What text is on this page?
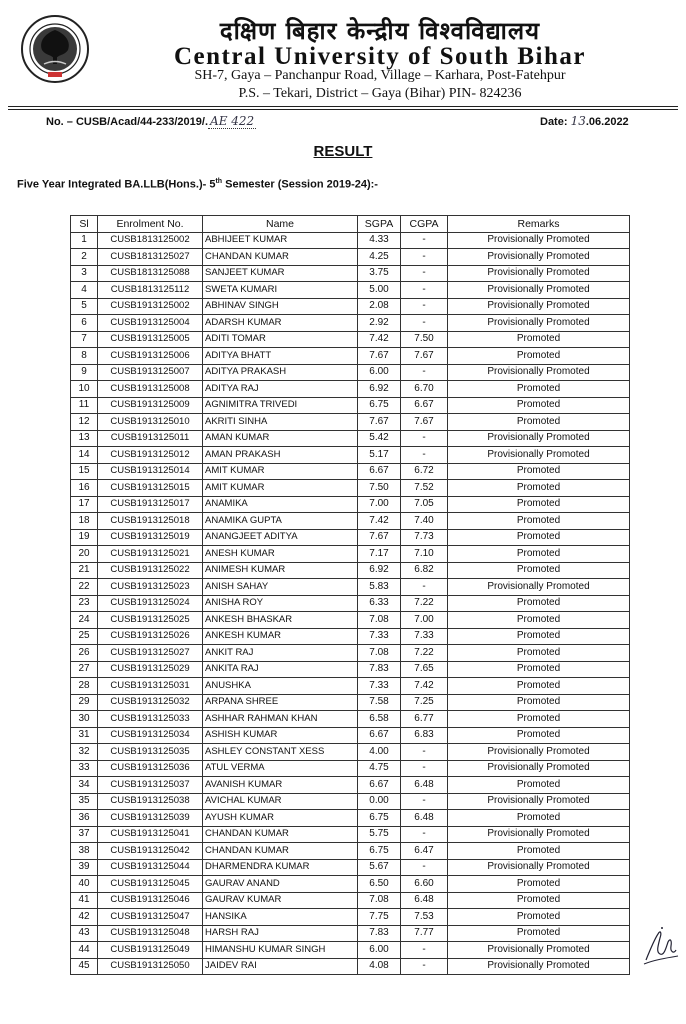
दक्षिण बिहार केन्द्रीय विश्वविद्यालय
Central University of South Bihar
SH-7, Gaya – Panchanpur Road, Village – Karhara, Post-Fatehpur
P.S. – Tekari, District – Gaya (Bihar) PIN- 824236
No. – CUSB/Acad/44-233/2019/. AE 422	Date: 13.06.2022
RESULT
Five Year Integrated BA.LLB(Hons.)- 5th Semester (Session 2019-24):-
Sl	Enrolment No.	Name	SGPA	CGPA	Remarks
1	CUSB1813125002	ABHIJEET KUMAR	4.33	-	Provisionally Promoted
2	CUSB1813125027	CHANDAN KUMAR	4.25	-	Provisionally Promoted
3	CUSB1813125088	SANJEET KUMAR	3.75	-	Provisionally Promoted
4	CUSB1813125112	SWETA KUMARI	5.00	-	Provisionally Promoted
5	CUSB1913125002	ABHINAV SINGH	2.08	-	Provisionally Promoted
6	CUSB1913125004	ADARSH KUMAR	2.92	-	Provisionally Promoted
7	CUSB1913125005	ADITI TOMAR	7.42	7.50	Promoted
8	CUSB1913125006	ADITYA BHATT	7.67	7.67	Promoted
9	CUSB1913125007	ADITYA PRAKASH	6.00	-	Provisionally Promoted
10	CUSB1913125008	ADITYA RAJ	6.92	6.70	Promoted
11	CUSB1913125009	AGNIMITRA TRIVEDI	6.75	6.67	Promoted
12	CUSB1913125010	AKRITI SINHA	7.67	7.67	Promoted
13	CUSB1913125011	AMAN KUMAR	5.42	-	Provisionally Promoted
14	CUSB1913125012	AMAN PRAKASH	5.17	-	Provisionally Promoted
15	CUSB1913125014	AMIT KUMAR	6.67	6.72	Promoted
16	CUSB1913125015	AMIT KUMAR	7.50	7.52	Promoted
17	CUSB1913125017	ANAMIKA	7.00	7.05	Promoted
18	CUSB1913125018	ANAMIKA GUPTA	7.42	7.40	Promoted
19	CUSB1913125019	ANANGJEET ADITYA	7.67	7.73	Promoted
20	CUSB1913125021	ANESH KUMAR	7.17	7.10	Promoted
21	CUSB1913125022	ANIMESH KUMAR	6.92	6.82	Promoted
22	CUSB1913125023	ANISH SAHAY	5.83	-	Provisionally Promoted
23	CUSB1913125024	ANISHA ROY	6.33	7.22	Promoted
24	CUSB1913125025	ANKESH BHASKAR	7.08	7.00	Promoted
25	CUSB1913125026	ANKESH KUMAR	7.33	7.33	Promoted
26	CUSB1913125027	ANKIT RAJ	7.08	7.22	Promoted
27	CUSB1913125029	ANKITA RAJ	7.83	7.65	Promoted
28	CUSB1913125031	ANUSHKA	7.33	7.42	Promoted
29	CUSB1913125032	ARPANA SHREE	7.58	7.25	Promoted
30	CUSB1913125033	ASHHAR RAHMAN KHAN	6.58	6.77	Promoted
31	CUSB1913125034	ASHISH KUMAR	6.67	6.83	Promoted
32	CUSB1913125035	ASHLEY CONSTANT XESS	4.00	-	Provisionally Promoted
33	CUSB1913125036	ATUL VERMA	4.75	-	Provisionally Promoted
34	CUSB1913125037	AVANISH KUMAR	6.67	6.48	Promoted
35	CUSB1913125038	AVICHAL KUMAR	0.00	-	Provisionally Promoted
36	CUSB1913125039	AYUSH KUMAR	6.75	6.48	Promoted
37	CUSB1913125041	CHANDAN KUMAR	5.75	-	Provisionally Promoted
38	CUSB1913125042	CHANDAN KUMAR	6.75	6.47	Promoted
39	CUSB1913125044	DHARMENDRA KUMAR	5.67	-	Provisionally Promoted
40	CUSB1913125045	GAURAV ANAND	6.50	6.60	Promoted
41	CUSB1913125046	GAURAV KUMAR	7.08	6.48	Promoted
42	CUSB1913125047	HANSIKA	7.75	7.53	Promoted
43	CUSB1913125048	HARSH RAJ	7.83	7.77	Promoted
44	CUSB1913125049	HIMANSHU KUMAR SINGH	6.00	-	Provisionally Promoted
45	CUSB1913125050	JAIDEV RAI	4.08	-	Provisionally Promoted
